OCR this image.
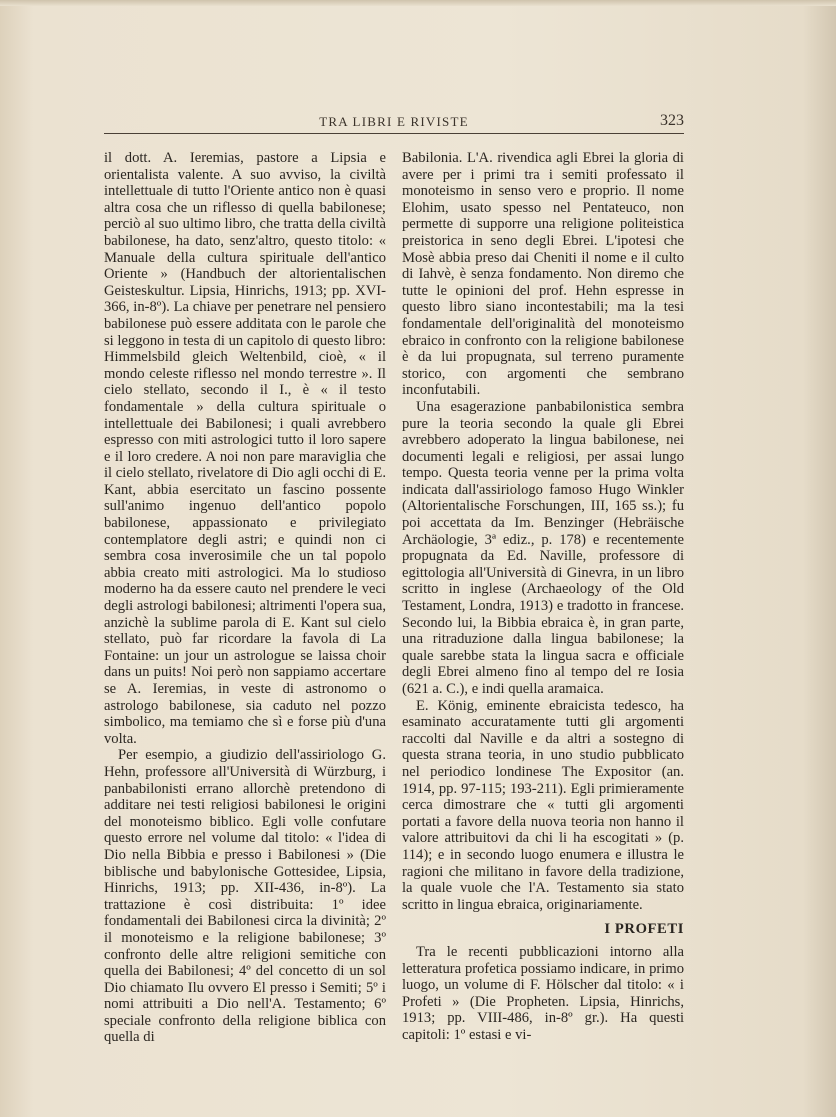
TRA LIBRI E RIVISTE	323

il dott. A. Ieremias, pastore a Lipsia e orientalista valente. A suo avviso, la civiltà intellettuale di tutto l'Oriente antico non è quasi altra cosa che un riflesso di quella babilonese; perciò al suo ultimo libro, che tratta della civiltà babilonese, ha dato, senz'altro, questo titolo: « Manuale della cultura spirituale dell'antico Oriente » (Handbuch der altorientalischen Geisteskultur. Lipsia, Hinrichs, 1913; pp. XVI-366, in-8º). La chiave per penetrare nel pensiero babilonese può essere additata con le parole che si leggono in testa di un capitolo di questo libro: Himmelsbild gleich Weltenbild, cioè, « il mondo celeste riflesso nel mondo terrestre ». Il cielo stellato, secondo il I., è « il testo fondamentale » della cultura spirituale o intellettuale dei Babilonesi; i quali avrebbero espresso con miti astrologici tutto il loro sapere e il loro credere. A noi non pare maraviglia che il cielo stellato, rivelatore di Dio agli occhi di E. Kant, abbia esercitato un fascino possente sull'animo ingenuo dell'antico popolo babilonese, appassionato e privilegiato contemplatore degli astri; e quindi non ci sembra cosa inverosimile che un tal popolo abbia creato miti astrologici. Ma lo studioso moderno ha da essere cauto nel prendere le veci degli astrologi babilonesi; altrimenti l'opera sua, anzichè la sublime parola di E. Kant sul cielo stellato, può far ricordare la favola di La Fontaine: un jour un astrologue se laissa choir dans un puits! Noi però non sappiamo accertare se A. Ieremias, in veste di astronomo o astrologo babilonese, sia caduto nel pozzo simbolico, ma temiamo che sì e forse più d'una volta.

Per esempio, a giudizio dell'assiriologo G. Hehn, professore all'Università di Würzburg, i panbabilonisti errano allorchè pretendono di additare nei testi religiosi babilonesi le origini del monoteismo biblico. Egli volle confutare questo errore nel volume dal titolo: « l'idea di Dio nella Bibbia e presso i Babilonesi » (Die biblische und babylonische Gottesidee, Lipsia, Hinrichs, 1913; pp. XII-436, in-8º). La trattazione è così distribuita: 1º idee fondamentali dei Babilonesi circa la divinità; 2º il monoteismo e la religione babilonese; 3º confronto delle altre religioni semitiche con quella dei Babilonesi; 4º del concetto di un sol Dio chiamato Ilu ovvero El presso i Semiti; 5º i nomi attribuiti a Dio nell'A. Testamento; 6º speciale confronto della religione biblica con quella di

Babilonia. L'A. rivendica agli Ebrei la gloria di avere per i primi tra i semiti professato il monoteismo in senso vero e proprio. Il nome Elohim, usato spesso nel Pentateuco, non permette di supporre una religione politeistica preistorica in seno degli Ebrei. L'ipotesi che Mosè abbia preso dai Cheniti il nome e il culto di Iahvè, è senza fondamento. Non diremo che tutte le opinioni del prof. Hehn espresse in questo libro siano incontestabili; ma la tesi fondamentale dell'originalità del monoteismo ebraico in confronto con la religione babilonese è da lui propugnata, sul terreno puramente storico, con argomenti che sembrano inconfutabili.

Una esagerazione panbabilonistica sembra pure la teoria secondo la quale gli Ebrei avrebbero adoperato la lingua babilonese, nei documenti legali e religiosi, per assai lungo tempo. Questa teoria venne per la prima volta indicata dall'assiriologo famoso Hugo Winkler (Altorientalische Forschungen, III, 165 ss.); fu poi accettata da Im. Benzinger (Hebräische Archäologie, 3ª ediz., p. 178) e recentemente propugnata da Ed. Naville, professore di egittologia all'Università di Ginevra, in un libro scritto in inglese (Archaeology of the Old Testament, Londra, 1913) e tradotto in francese. Secondo lui, la Bibbia ebraica è, in gran parte, una ritraduzione dalla lingua babilonese; la quale sarebbe stata la lingua sacra e officiale degli Ebrei almeno fino al tempo del re Iosia (621 a. C.), e indi quella aramaica.

E. König, eminente ebraicista tedesco, ha esaminato accuratamente tutti gli argomenti raccolti dal Naville e da altri a sostegno di questa strana teoria, in uno studio pubblicato nel periodico londinese The Expositor (an. 1914, pp. 97-115; 193-211). Egli primieramente cerca dimostrare che « tutti gli argomenti portati a favore della nuova teoria non hanno il valore attribuitovi da chi li ha escogitati » (p. 114); e in secondo luogo enumera e illustra le ragioni che militano in favore della tradizione, la quale vuole che l'A. Testamento sia stato scritto in lingua ebraica, originariamente.

I PROFETI

Tra le recenti pubblicazioni intorno alla letteratura profetica possiamo indicare, in primo luogo, un volume di F. Hölscher dal titolo: « i Profeti » (Die Propheten. Lipsia, Hinrichs, 1913; pp. VIII-486, in-8º gr.). Ha questi capitoli: 1º estasi e vi-
